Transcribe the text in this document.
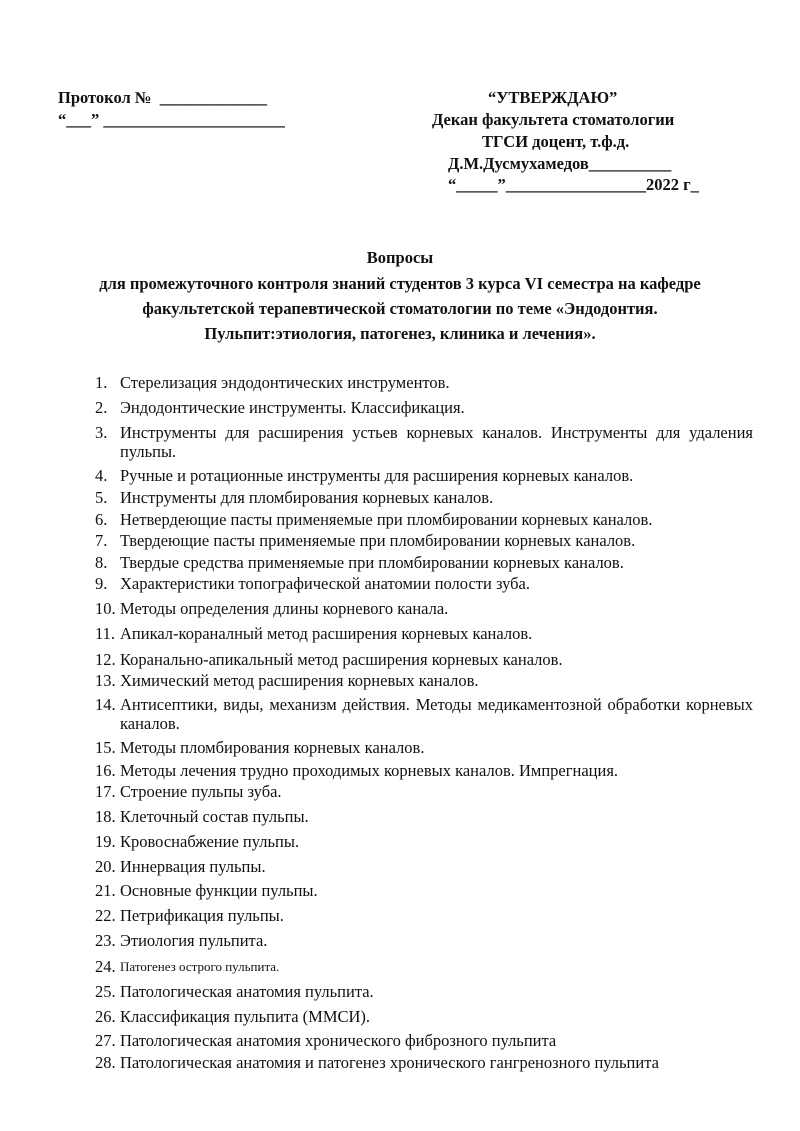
Протокол №  _____________
“___” ______________________
“УТВЕРЖДАЮ”
Декан факультета стоматологии
ТГСИ доцент, т.ф.д.
Д.М.Дусмухамедов__________
“_____”_________________2022 г_
Вопросы
для промежуточного контроля знаний студентов 3 курса VI семестра на кафедре
факультетской терапевтической стоматологии по теме «Эндодонтия.
Пульпит:этиология, патогенез, клиника и лечения».
1. Стерелизация эндодонтических инструментов.
2. Эндодонтические инструменты. Классификация.
3. Инструменты для расширения устьев корневых каналов. Инструменты для удаления пульпы.
4. Ручные и ротационные инструменты для расширения корневых каналов.
5. Инструменты для пломбирования корневых каналов.
6. Нетвердеющие пасты применяемые при пломбировании корневых каналов.
7. Твердеющие пасты применяемые при пломбировании корневых каналов.
8. Твердые средства применяемые при пломбировании корневых каналов.
9. Характеристики топографической анатомии полости зуба.
10. Методы определения длины корневого канала.
11. Апикал-кораналный метод расширения корневых каналов.
12. Коранально-апикальный метод расширения корневых каналов.
13. Химический метод расширения корневых каналов.
14. Антисептики, виды, механизм действия. Методы медикаментозной обработки корневых каналов.
15. Методы пломбирования корневых каналов.
16. Методы лечения трудно проходимых корневых каналов. Импрегнация.
17. Строение пульпы зуба.
18. Клеточный состав пульпы.
19. Кровоснабжение пульпы.
20. Иннервация пульпы.
21. Основные функции пульпы.
22. Петрификация пульпы.
23. Этиология пульпита.
24. Патогенез острого пульпита.
25. Патологическая анатомия пульпита.
26. Классификация пульпита (ММСИ).
27. Патологическая анатомия хронического фиброзного пульпита
28. Патологическая анатомия и патогенез хронического гангренозного пульпита
